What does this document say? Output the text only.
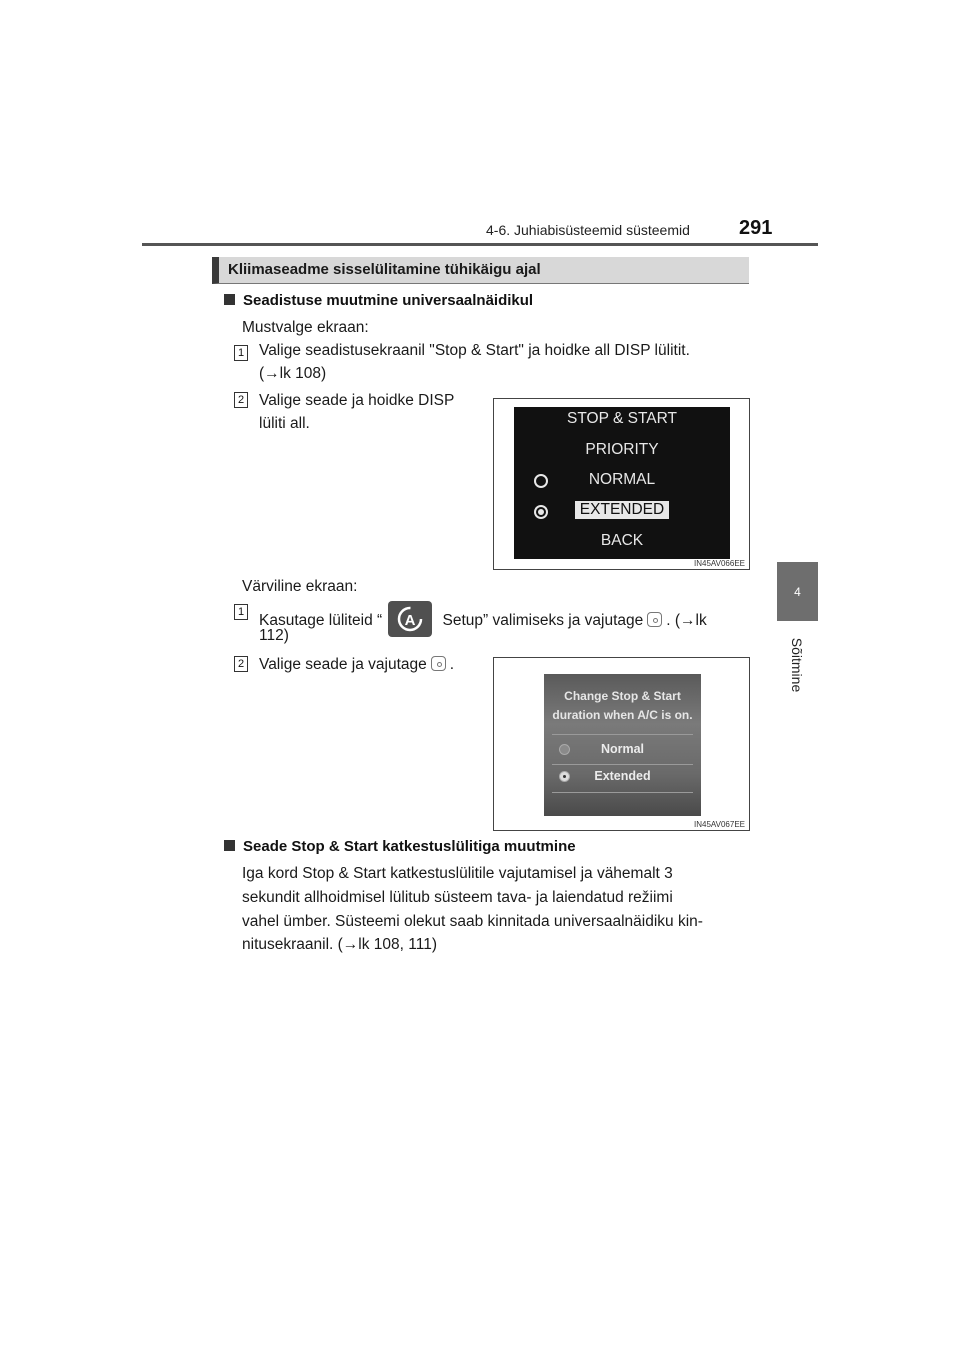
4-6. Juhiabisüsteemid süsteemid 291
4
Sõitmine
Kliimaseadme sisselülitamine tühikäigu ajal
Seadistuse muutmine universaalnäidikul
Mustvalge ekraan:
1 Valige seadistusekraanil "Stop & Start" ja hoidke all DISP lülitit.
(→lk 108)
2 Valige seade ja hoidke DISP
lüliti all.	STOP & START
PRIORITY
NORMAL
EXTENDED
BACK
IN45AV066EE
Värviline ekraan:
1 Kasutage lüliteid “ A Setup” valimiseks ja vajutage . (→lk
112)
2 Valige seade ja vajutage .
Change Stop & Start
duration when A/C is on.
Normal
Extended
IN45AV067EE
Seade Stop & Start katkestuslülitiga muutmine
Iga kord Stop & Start katkestuslülitile vajutamisel ja vähemalt 3
sekundit allhoidmisel lülitub süsteem tava- ja laiendatud režiimi
vahel ümber. Süsteemi olekut saab kinnitada universaalnäidiku kin-
nitusekraanil. (→lk 108, 111)
